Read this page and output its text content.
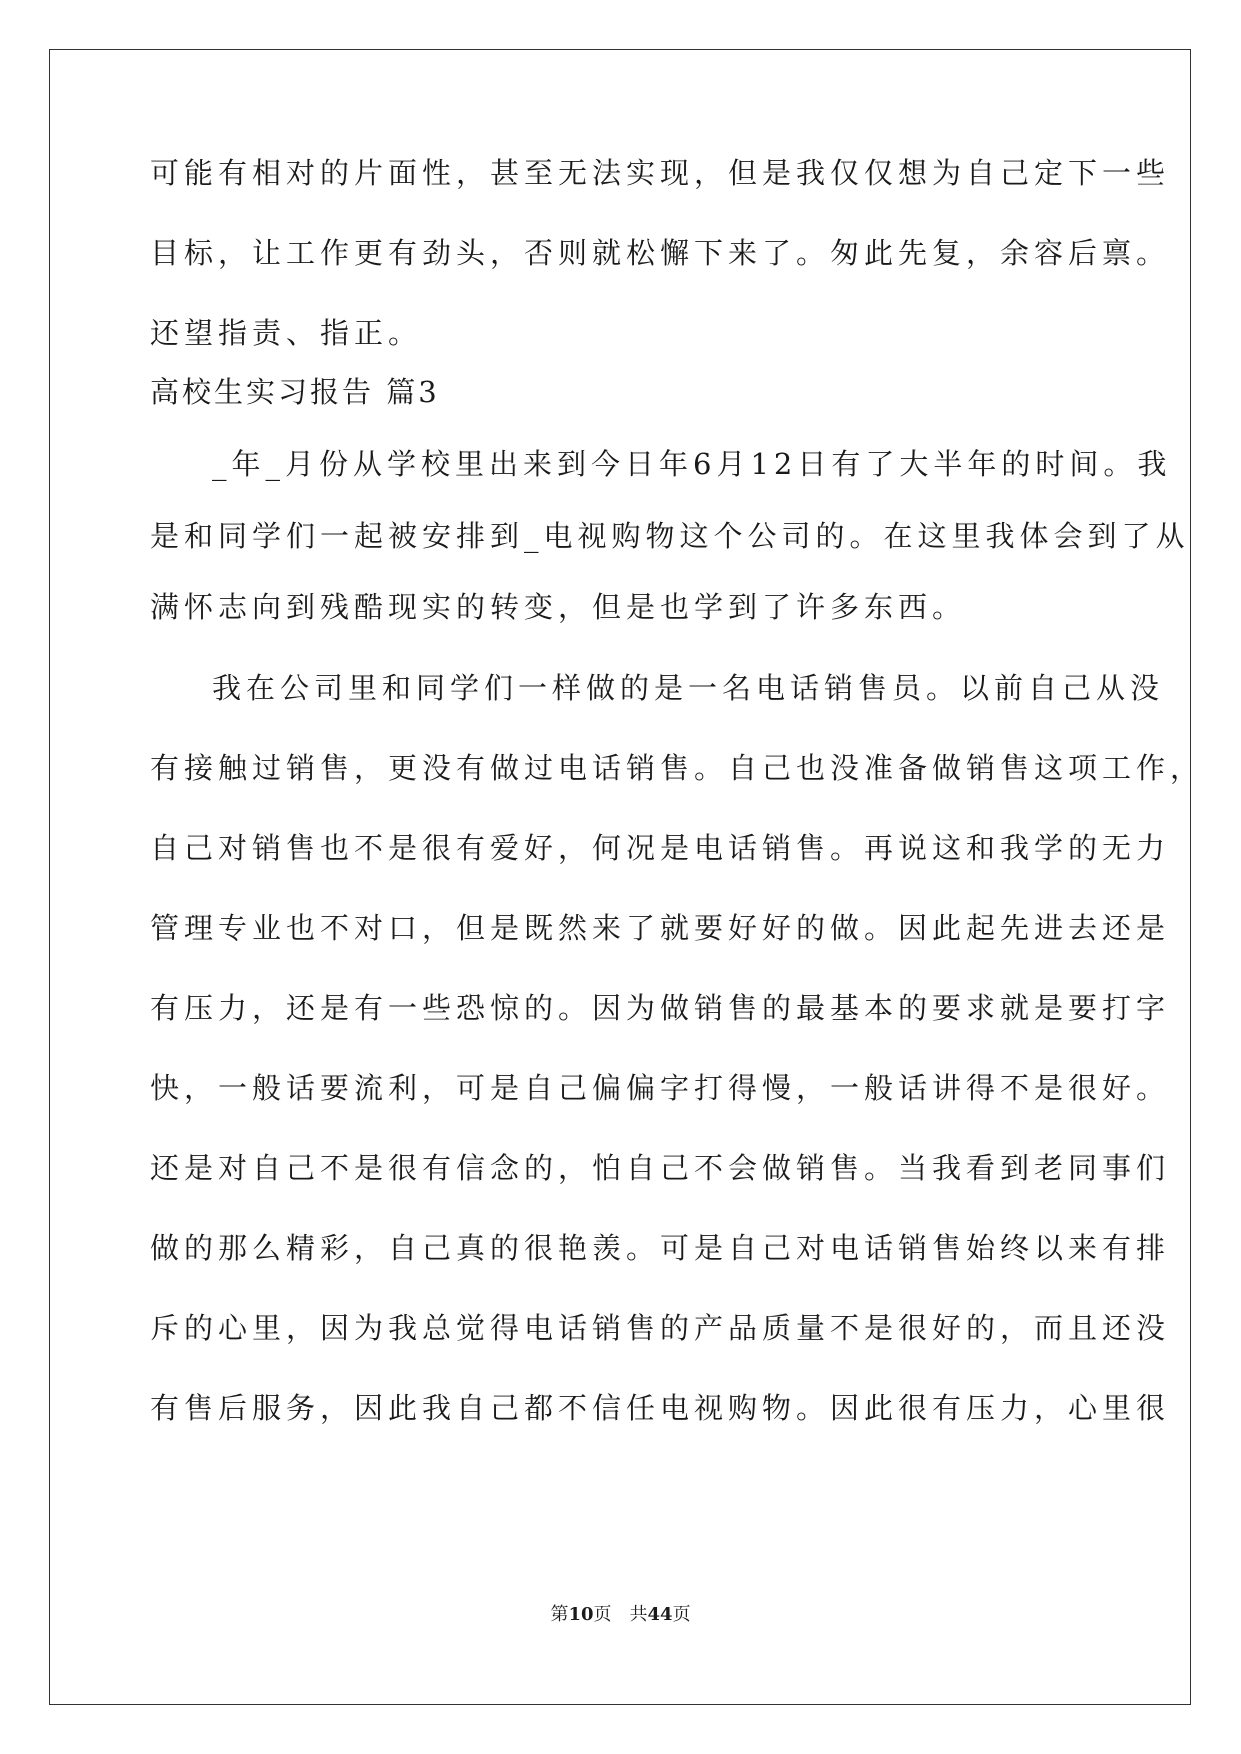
可能有相对的片面性，甚至无法实现，但是我仅仅想为自己定下一些
目标，让工作更有劲头，否则就松懈下来了。匆此先复，余容后禀。
还望指责、指正。
高校生实习报告 篇3
_年_月份从学校里出来到今日年6月12日有了大半年的时间。我
是和同学们一起被安排到_电视购物这个公司的。在这里我体会到了从
满怀志向到残酷现实的转变，但是也学到了许多东西。
我在公司里和同学们一样做的是一名电话销售员。以前自己从没
有接触过销售，更没有做过电话销售。自己也没准备做销售这项工作，
自己对销售也不是很有爱好，何况是电话销售。再说这和我学的无力
管理专业也不对口，但是既然来了就要好好的做。因此起先进去还是
有压力，还是有一些恐惊的。因为做销售的最基本的要求就是要打字
快，一般话要流利，可是自己偏偏字打得慢，一般话讲得不是很好。
还是对自己不是很有信念的，怕自己不会做销售。当我看到老同事们
做的那么精彩，自己真的很艳羡。可是自己对电话销售始终以来有排
斥的心里，因为我总觉得电话销售的产品质量不是很好的，而且还没
有售后服务，因此我自己都不信任电视购物。因此很有压力，心里很
第10页　共44页
